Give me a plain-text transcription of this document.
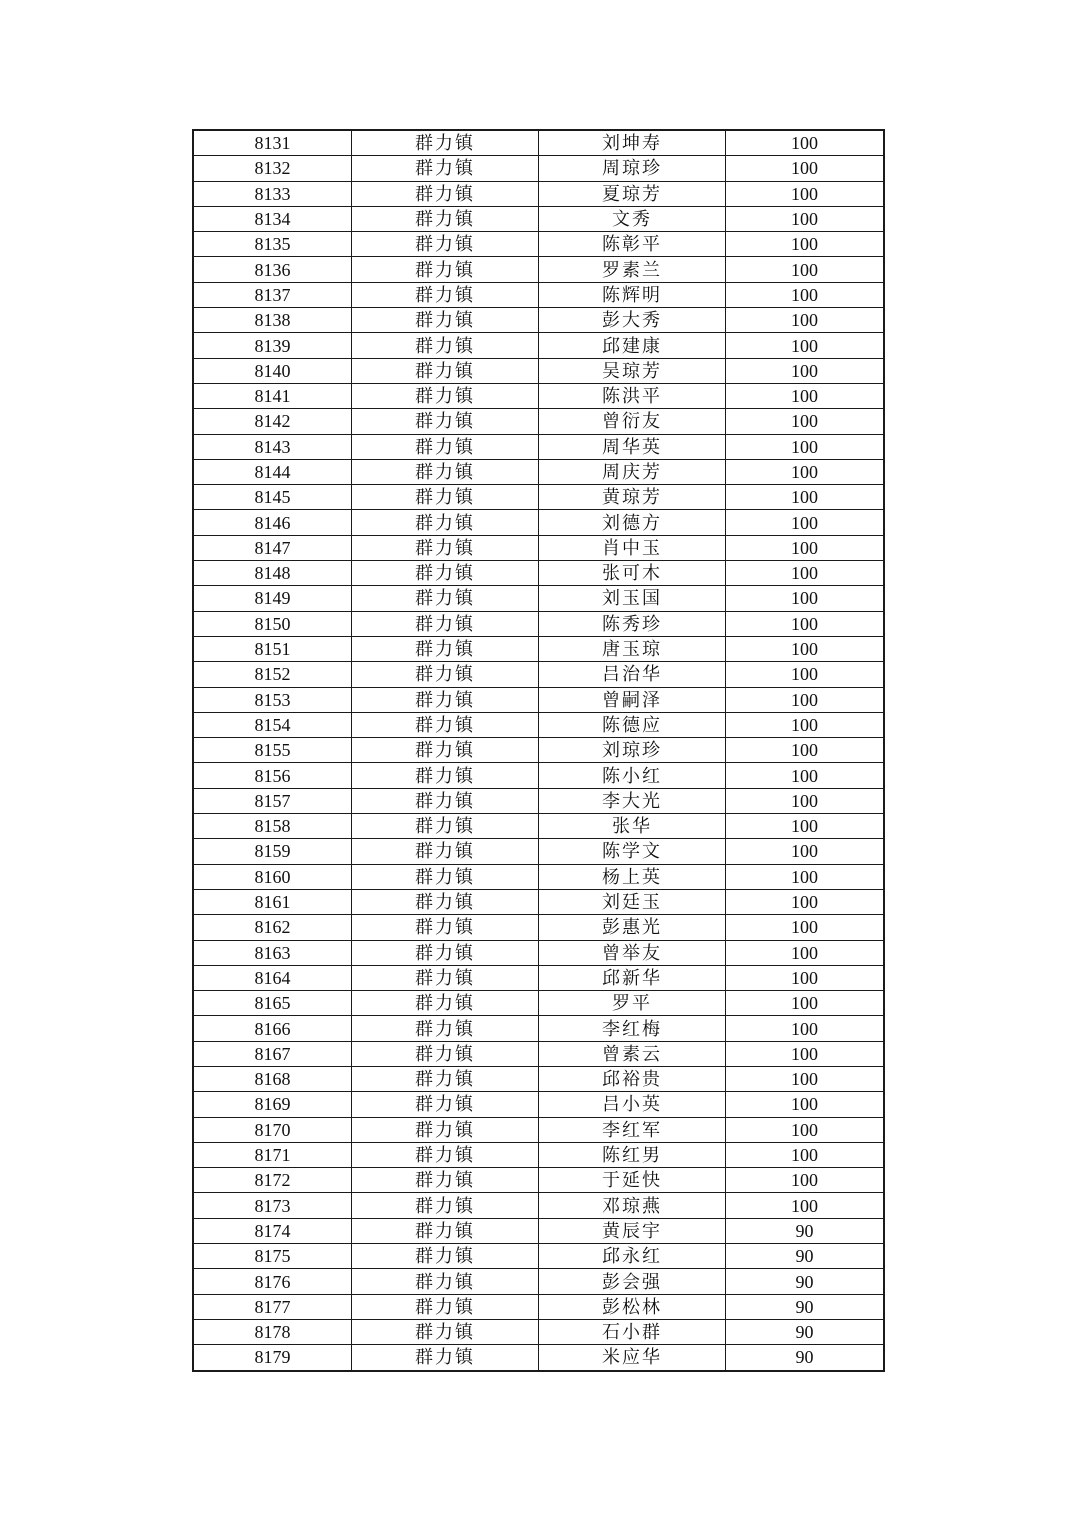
8131	群力镇	刘坤寿	100
8132	群力镇	周琼珍	100
8133	群力镇	夏琼芳	100
8134	群力镇	文秀	100
8135	群力镇	陈彰平	100
8136	群力镇	罗素兰	100
8137	群力镇	陈辉明	100
8138	群力镇	彭大秀	100
8139	群力镇	邱建康	100
8140	群力镇	吴琼芳	100
8141	群力镇	陈洪平	100
8142	群力镇	曾衍友	100
8143	群力镇	周华英	100
8144	群力镇	周庆芳	100
8145	群力镇	黄琼芳	100
8146	群力镇	刘德方	100
8147	群力镇	肖中玉	100
8148	群力镇	张可木	100
8149	群力镇	刘玉国	100
8150	群力镇	陈秀珍	100
8151	群力镇	唐玉琼	100
8152	群力镇	吕治华	100
8153	群力镇	曾嗣泽	100
8154	群力镇	陈德应	100
8155	群力镇	刘琼珍	100
8156	群力镇	陈小红	100
8157	群力镇	李大光	100
8158	群力镇	张华	100
8159	群力镇	陈学文	100
8160	群力镇	杨上英	100
8161	群力镇	刘廷玉	100
8162	群力镇	彭惠光	100
8163	群力镇	曾举友	100
8164	群力镇	邱新华	100
8165	群力镇	罗平	100
8166	群力镇	李红梅	100
8167	群力镇	曾素云	100
8168	群力镇	邱裕贵	100
8169	群力镇	吕小英	100
8170	群力镇	李红军	100
8171	群力镇	陈红男	100
8172	群力镇	于延快	100
8173	群力镇	邓琼燕	100
8174	群力镇	黄辰宇	90
8175	群力镇	邱永红	90
8176	群力镇	彭会强	90
8177	群力镇	彭松林	90
8178	群力镇	石小群	90
8179	群力镇	米应华	90
